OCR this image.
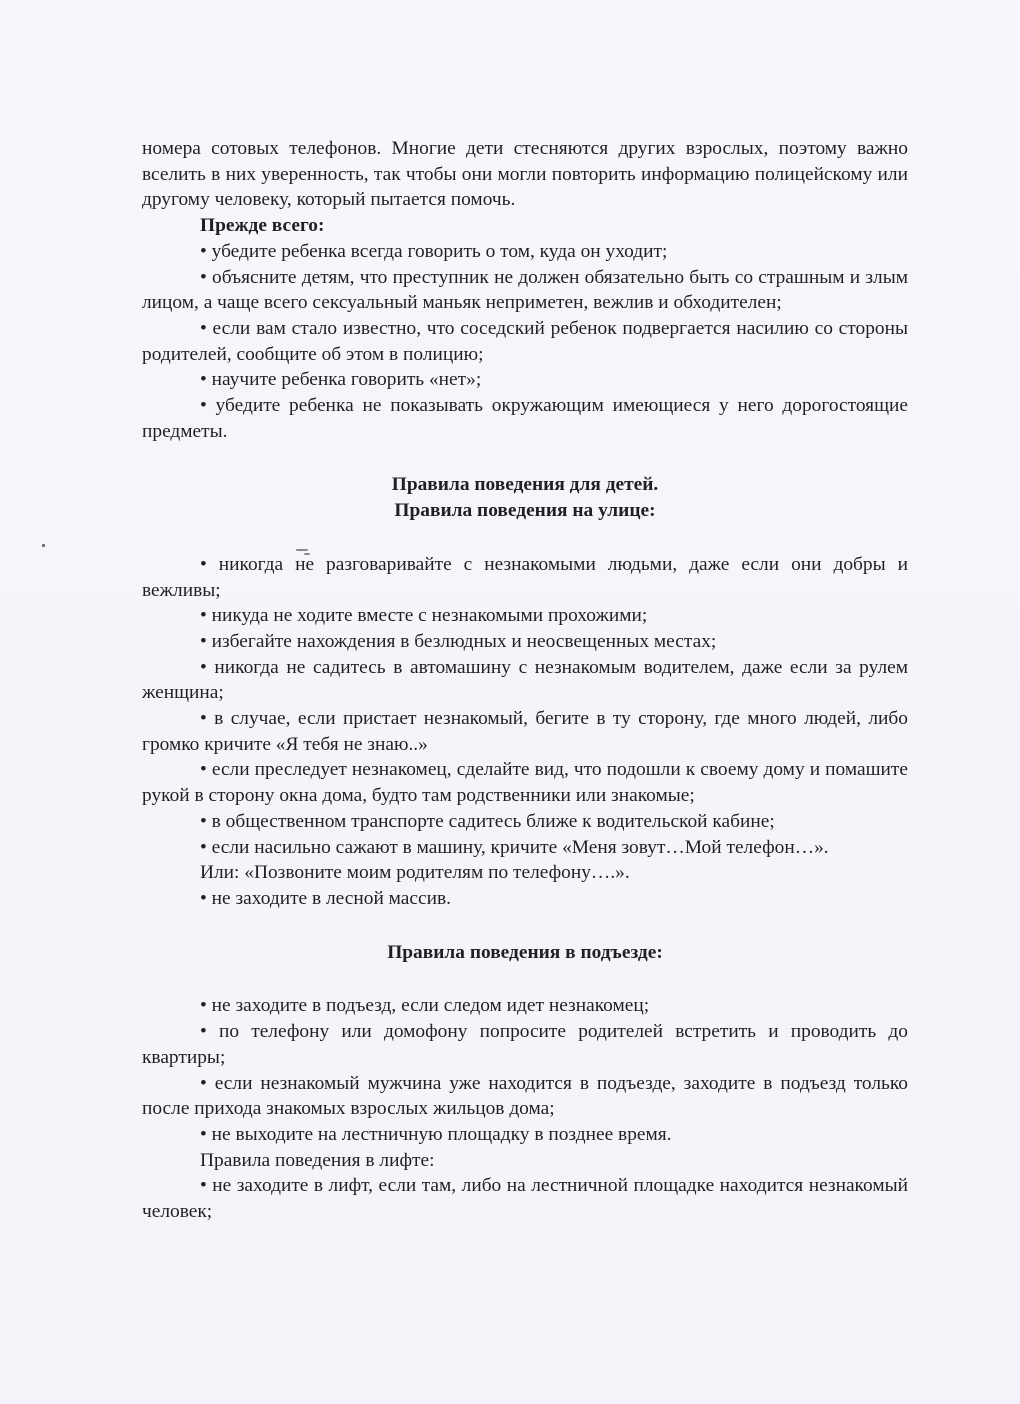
номера сотовых телефонов. Многие дети стесняются других взрослых, поэтому важно вселить в них уверенность, так чтобы они могли повторить информацию полицейскому или другому человеку, который пытается помочь.

Прежде всего:

• убедите ребенка всегда говорить о том, куда он уходит;

• объясните детям, что преступник не должен обязательно быть со страшным и злым лицом, а чаще всего сексуальный маньяк неприметен, вежлив и обходителен;

• если вам стало известно, что соседский ребенок подвергается насилию со стороны родителей, сообщите об этом в полицию;

• научите ребенка говорить «нет»;

• убедите ребенка не показывать окружающим имеющиеся у него дорогостоящие предметы.

Правила поведения для детей.

Правила поведения на улице:

• никогда не разговаривайте с незнакомыми людьми, даже если они добры и вежливы;

• никуда не ходите вместе с незнакомыми прохожими;

• избегайте нахождения в безлюдных и неосвещенных местах;

• никогда не садитесь в автомашину с незнакомым водителем, даже если за рулем женщина;

• в случае, если пристает незнакомый, бегите в ту сторону, где много людей, либо громко кричите «Я тебя не знаю..»

• если преследует незнакомец, сделайте вид, что подошли к своему дому и помашите рукой в сторону окна дома, будто там родственники или знакомые;

• в общественном транспорте садитесь ближе к водительской кабине;

• если насильно сажают в машину, кричите «Меня зовут…Мой телефон…».

Или: «Позвоните моим родителям по телефону….».

• не заходите в лесной массив.

Правила поведения в подъезде:

• не заходите в подъезд, если следом идет незнакомец;

• по телефону или домофону попросите родителей встретить и проводить до квартиры;

• если незнакомый мужчина уже находится в подъезде, заходите в подъезд только после прихода знакомых взрослых жильцов дома;

• не выходите на лестничную площадку в позднее время.

Правила поведения в лифте:

• не заходите в лифт, если там, либо на лестничной площадке находится незнакомый человек;
